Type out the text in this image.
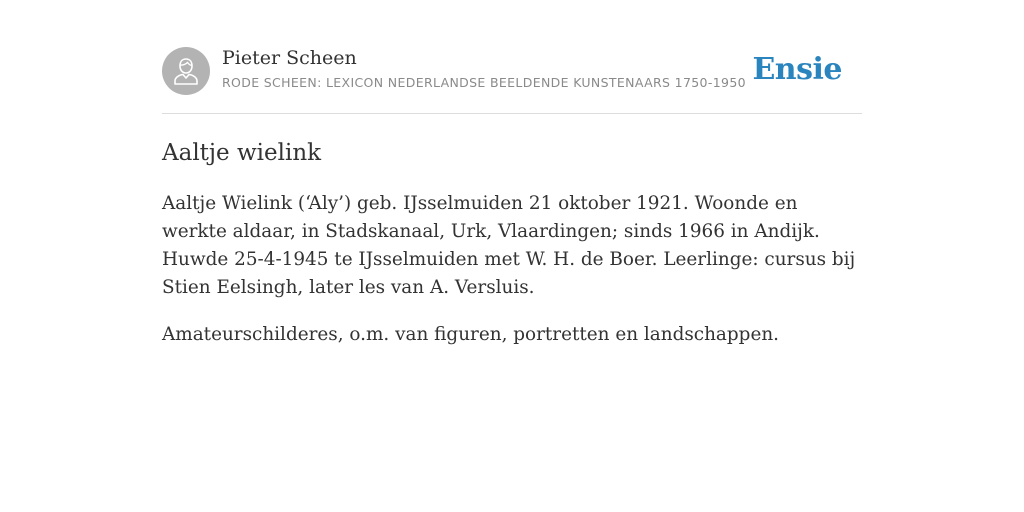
Pieter Scheen
RODE SCHEEN: LEXICON NEDERLANDSE BEELDENDE KUNSTENAARS 1750-1950 Ensie
Aaltje wielink

Aaltje Wielink (‘Aly’) geb. IJsselmuiden 21 oktober 1921. Woonde en werkte aldaar, in Stadskanaal, Urk, Vlaardingen; sinds 1966 in Andijk. Huwde 25-4-1945 te IJsselmuiden met W. H. de Boer. Leerlinge: cursus bij Stien Eelsingh, later les van A. Versluis.

Amateurschilderes, o.m. van figuren, portretten en landschappen.
